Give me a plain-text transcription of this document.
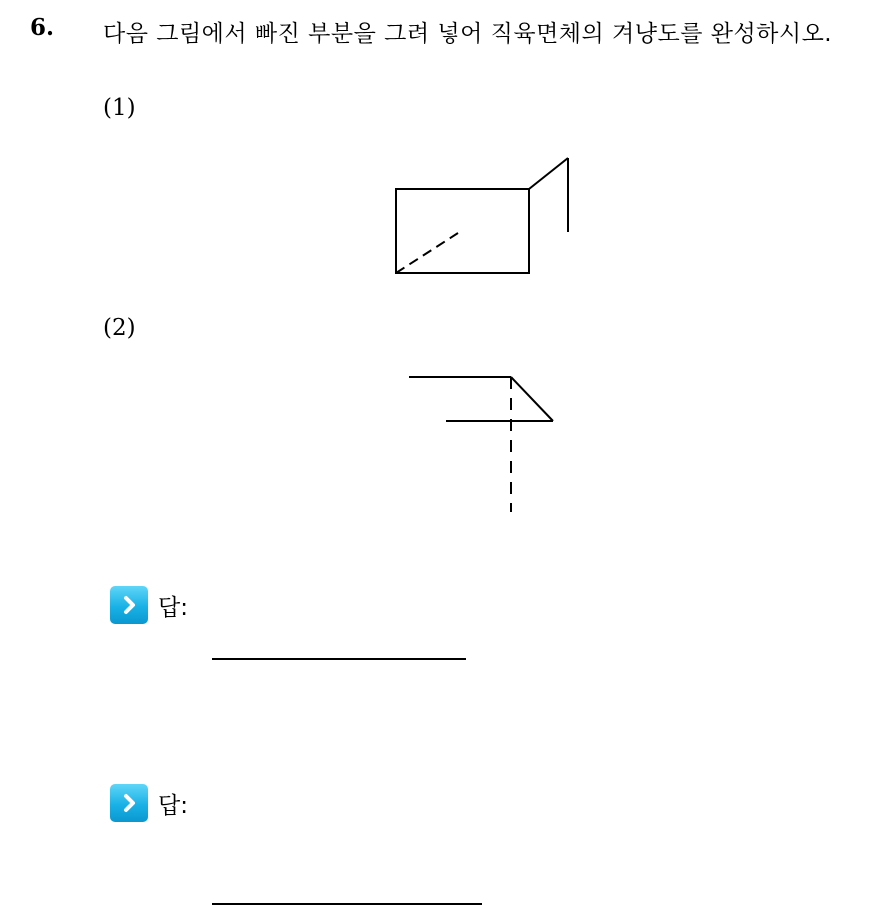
6. 다음 그림에서 빠진 부분을 그려 넣어 직육면체의 겨냥도를 완성하시오.
(1)
(2)
답:
답:
